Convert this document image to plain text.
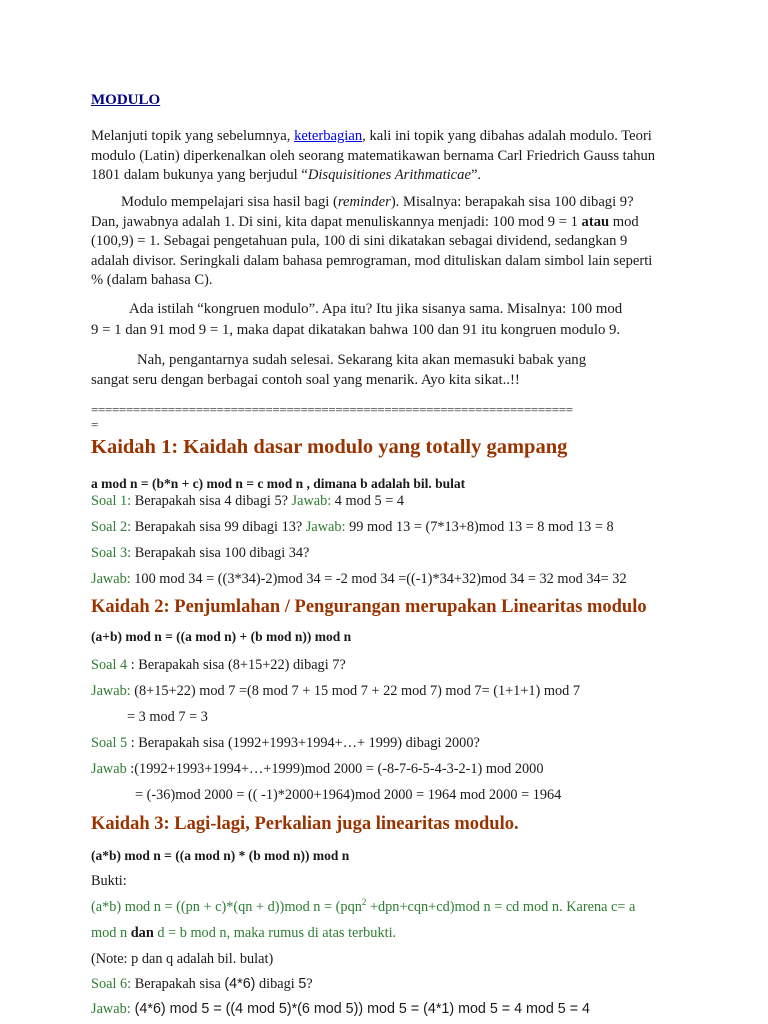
MODULO
Melanjuti topik yang sebelumnya, keterbagian, kali ini topik yang dibahas adalah modulo. Teori
modulo (Latin) diperkenalkan oleh seorang matematikawan bernama Carl Friedrich Gauss tahun
1801 dalam bukunya yang berjudul “Disquisitiones Arithmaticae”.
Modulo mempelajari sisa hasil bagi (reminder). Misalnya: berapakah sisa 100 dibagi 9?
Dan, jawabnya adalah 1. Di sini, kita dapat menuliskannya menjadi: 100 mod 9 = 1 atau mod
(100,9) = 1. Sebagai pengetahuan pula, 100 di sini dikatakan sebagai dividend, sedangkan 9
adalah divisor. Seringkali dalam bahasa pemrograman, mod dituliskan dalam simbol lain seperti
% (dalam bahasa C).
Ada istilah “kongruen modulo”. Apa itu? Itu jika sisanya sama. Misalnya: 100 mod
9 = 1 dan 91 mod 9 = 1, maka dapat dikatakan bahwa 100 dan 91 itu kongruen modulo 9.
Nah, pengantarnya sudah selesai. Sekarang kita akan memasuki babak yang
sangat seru dengan berbagai contoh soal yang menarik. Ayo kita sikat..!!
=====================================================================
=
Kaidah 1: Kaidah dasar modulo yang totally gampang
a mod n = (b*n + c) mod n = c mod n , dimana b adalah bil. bulat
Soal 1: Berapakah sisa 4 dibagi 5? Jawab: 4 mod 5 = 4
Soal 2: Berapakah sisa 99 dibagi 13? Jawab: 99 mod 13 = (7*13+8)mod 13 = 8 mod 13 = 8
Soal 3: Berapakah sisa 100 dibagi 34?
Jawab: 100 mod 34 = ((3*34)-2)mod 34 = -2 mod 34 =((-1)*34+32)mod 34 = 32 mod 34= 32
Kaidah 2: Penjumlahan / Pengurangan merupakan Linearitas modulo
(a+b) mod n = ((a mod n) + (b mod n)) mod n
Soal 4 : Berapakah sisa (8+15+22) dibagi 7?
Jawab: (8+15+22) mod 7 =(8 mod 7 + 15 mod 7 + 22 mod 7) mod 7= (1+1+1) mod 7
= 3 mod 7 = 3
Soal 5 : Berapakah sisa (1992+1993+1994+…+ 1999) dibagi 2000?
Jawab :(1992+1993+1994+…+1999)mod 2000 = (-8-7-6-5-4-3-2-1) mod 2000
= (-36)mod 2000 = (( -1)*2000+1964)mod 2000 = 1964 mod 2000 = 1964
Kaidah 3: Lagi-lagi, Perkalian juga linearitas modulo.
(a*b) mod n = ((a mod n) * (b mod n)) mod n
Bukti:
(a*b) mod n = ((pn + c)*(qn + d))mod n = (pqn$^2$ +dpn+cqn+cd)mod n = cd mod n. Karena c= a
mod n dan d = b mod n, maka rumus di atas terbukti.
(Note: p dan q adalah bil. bulat)
Soal 6: Berapakah sisa (4*6) dibagi 5?
Jawab: (4*6) mod 5 = ((4 mod 5)*(6 mod 5)) mod 5 = (4*1) mod 5 = 4 mod 5 = 4
